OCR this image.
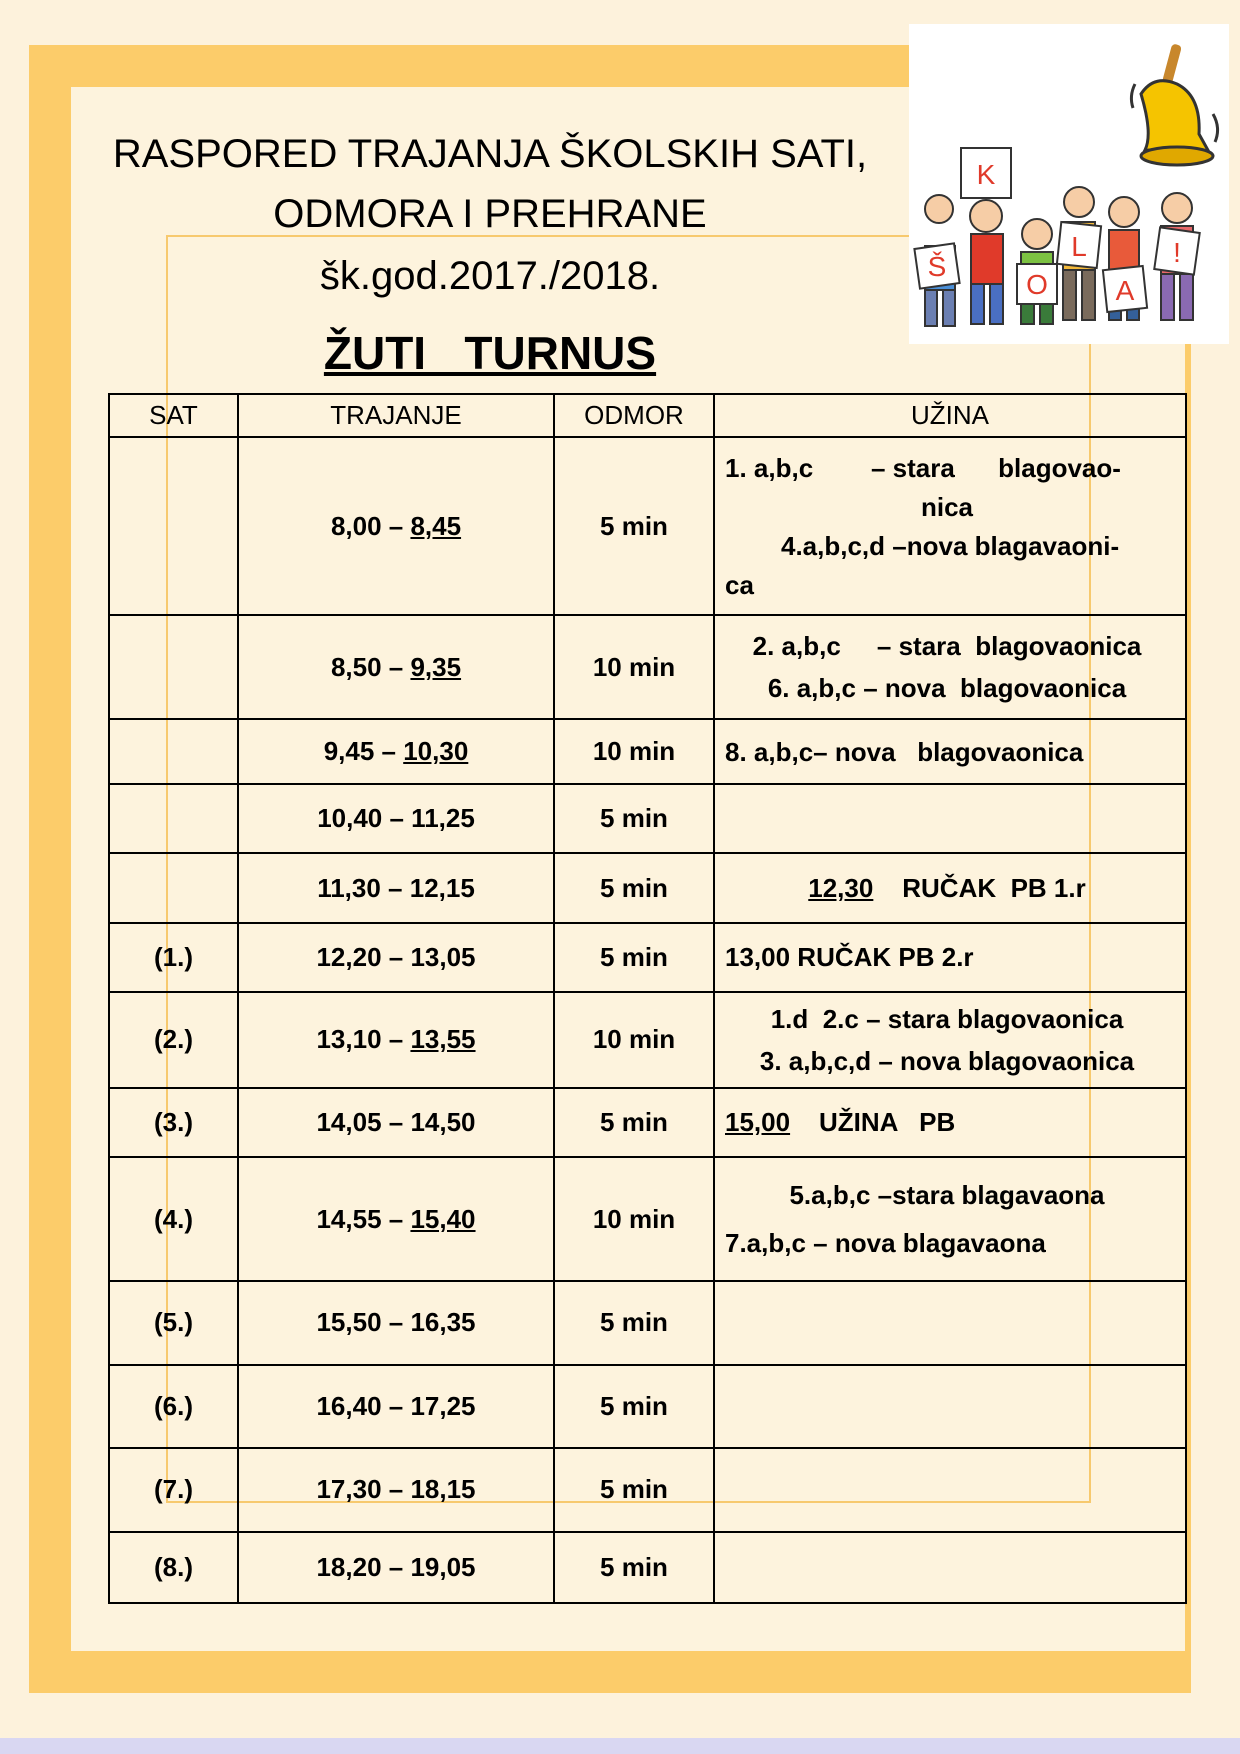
Š
K
O
L
A
!
RASPORED TRAJANJA ŠKOLSKIH SATI,
ODMORA I PREHRANE
šk.god.2017./2018.
ŽUTI   TURNUS
SAT	TRAJANJE	ODMOR	UŽINA
	8,00 – 8,45	5 min	1. a,b,c        – stara      blagovao-
nica
4.a,b,c,d –nova blagavaoni-
ca

	8,50 – 9,35	10 min	2. a,b,c     – stara  blagovaonica
6. a,b,c – nova  blagovaonica

	9,45 – 10,30	10 min	8. a,b,c– nova   blagovaonica

	10,40 – 11,25	5 min	
	11,30 – 12,15	5 min	12,30    RUČAK  PB 1.r

(1.)	12,20 – 13,05	5 min	13,00 RUČAK PB 2.r

(2.)	13,10 – 13,55	10 min	1.d  2.c – stara blagovaonica
3. a,b,c,d – nova blagovaonica

(3.)	14,05 – 14,50	5 min	15,00    UŽINA   PB

(4.)	14,55 – 15,40	10 min	5.a,b,c –stara blagavaona
7.a,b,c – nova blagavaona

(5.)	15,50 – 16,35	5 min	
(6.)	16,40 – 17,25	5 min	
(7.)	17,30 – 18,15	5 min	
(8.)	18,20 – 19,05	5 min	
